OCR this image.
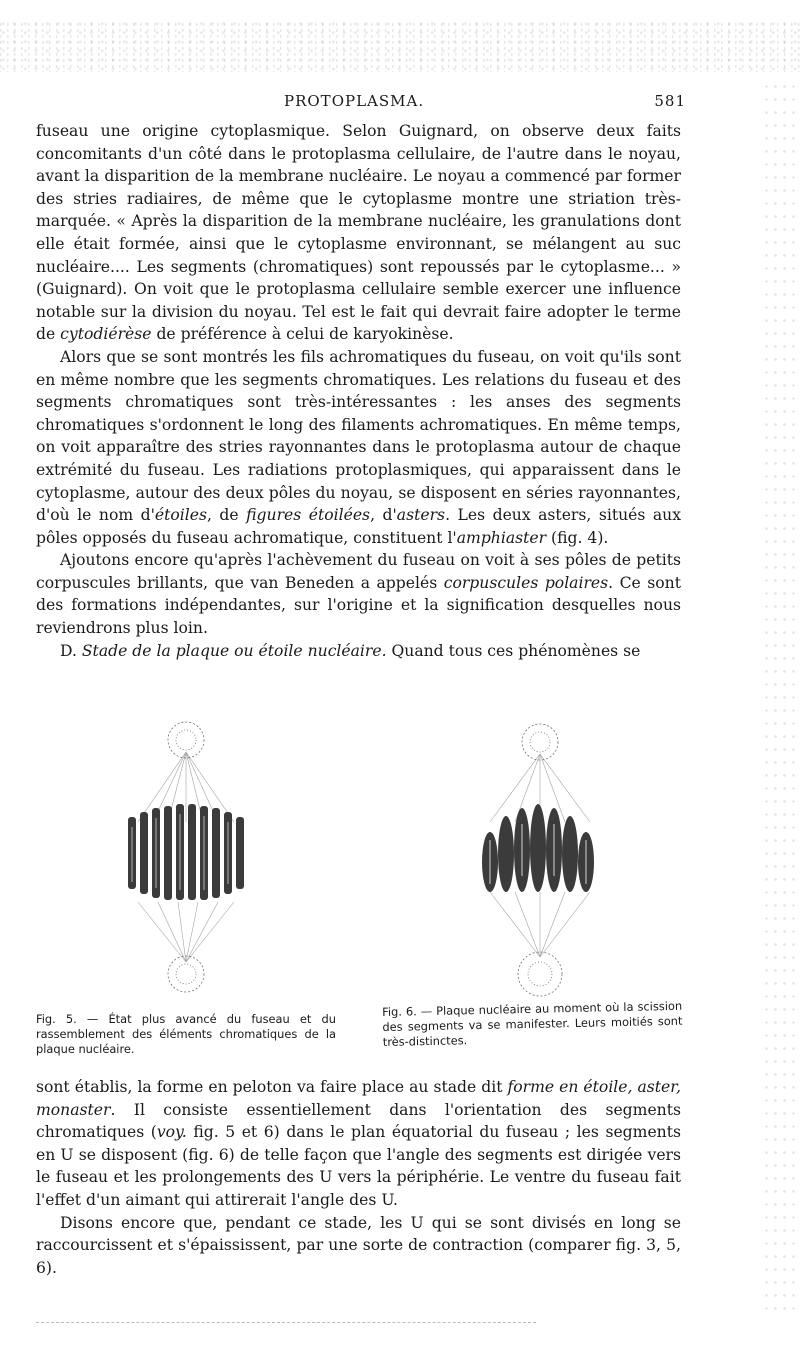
PROTOPLASMA.	581

fuseau une origine cytoplasmique. Selon Guignard, on observe deux faits concomitants d'un côté dans le protoplasma cellulaire, de l'autre dans le noyau, avant la disparition de la membrane nucléaire. Le noyau a commencé par former des stries radiaires, de même que le cytoplasme montre une striation très-marquée. « Après la disparition de la membrane nucléaire, les granulations dont elle était formée, ainsi que le cytoplasme environnant, se mélangent au suc nucléaire.... Les segments (chromatiques) sont repoussés par le cytoplasme... » (Guignard). On voit que le protoplasma cellulaire semble exercer une influence notable sur la division du noyau. Tel est le fait qui devrait faire adopter le terme de cytodiérèse de préférence à celui de karyokinèse.

Alors que se sont montrés les fils achromatiques du fuseau, on voit qu'ils sont en même nombre que les segments chromatiques. Les relations du fuseau et des segments chromatiques sont très-intéressantes : les anses des segments chromatiques s'ordonnent le long des filaments achromatiques. En même temps, on voit apparaître des stries rayonnantes dans le protoplasma autour de chaque extrémité du fuseau. Les radiations protoplasmiques, qui apparaissent dans le cytoplasme, autour des deux pôles du noyau, se disposent en séries rayonnantes, d'où le nom d'étoiles, de figures étoilées, d'asters. Les deux asters, situés aux pôles opposés du fuseau achromatique, constituent l'amphiaster (fig. 4).

Ajoutons encore qu'après l'achèvement du fuseau on voit à ses pôles de petits corpuscules brillants, que van Beneden a appelés corpuscules polaires. Ce sont des formations indépendantes, sur l'origine et la signification desquelles nous reviendrons plus loin.

D. Stade de la plaque ou étoile nucléaire. Quand tous ces phénomènes se

Fig. 5. — État plus avancé du fuseau et du rassemblement des éléments chromatiques de la plaque nucléaire.
Fig. 6. — Plaque nucléaire au moment où la scission des segments va se manifester. Leurs moitiés sont très-distinctes.

sont établis, la forme en peloton va faire place au stade dit forme en étoile, aster, monaster. Il consiste essentiellement dans l'orientation des segments chromatiques (voy. fig. 5 et 6) dans le plan équatorial du fuseau ; les segments en U se disposent (fig. 6) de telle façon que l'angle des segments est dirigée vers le fuseau et les prolongements des U vers la périphérie. Le ventre du fuseau fait l'effet d'un aimant qui attirerait l'angle des U.

Disons encore que, pendant ce stade, les U qui se sont divisés en long se raccourcissent et s'épaississent, par une sorte de contraction (comparer fig. 3, 5, 6).
